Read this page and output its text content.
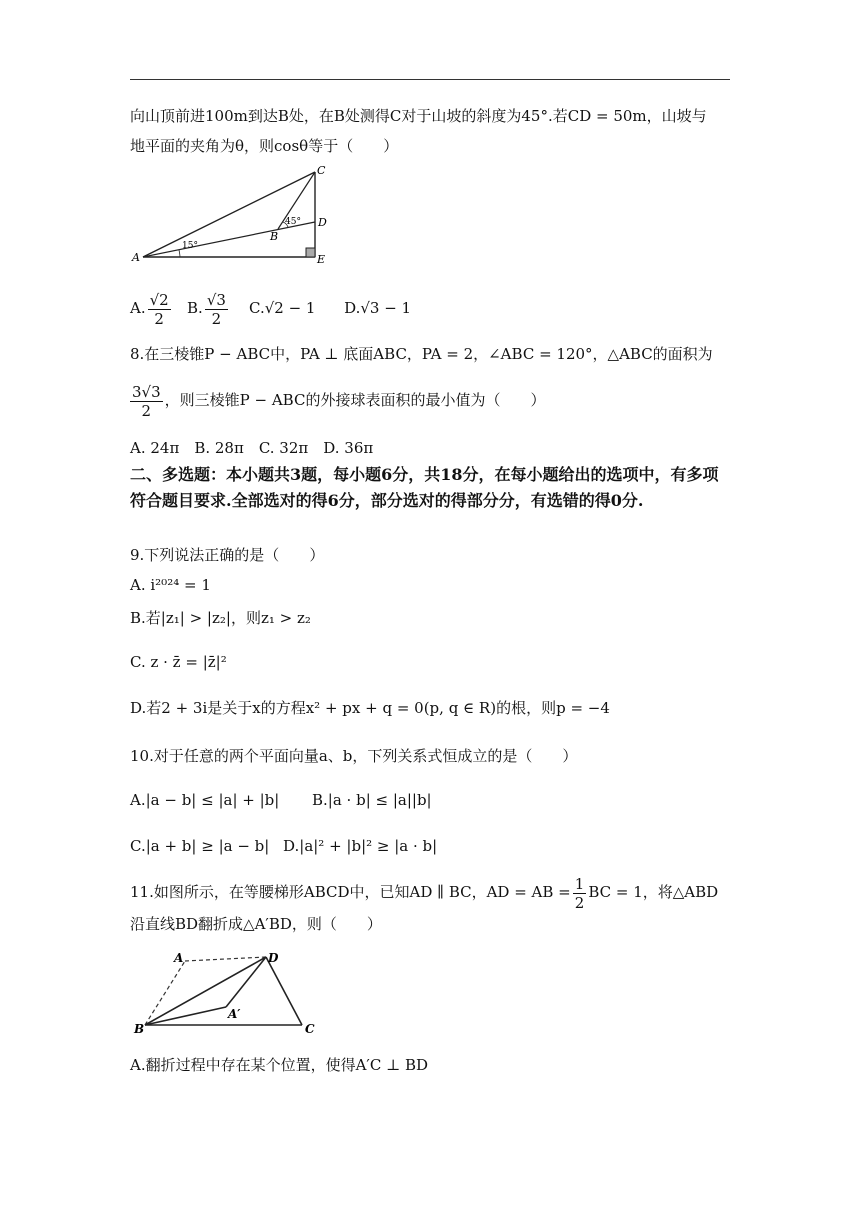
向山顶前进100m到达B处，在B处测得C对于山坡的斜度为45°.若CD = 50m，山坡与
地平面的夹角为θ，则cosθ等于（　　）
A
B
C
D
E
15°
45°
A. $\frac{√2}{2} B$. $\frac{√3}{2} C.√2 - 1$ D.√3 − 1
8.在三棱锥P − ABC中，PA ⊥ 底面ABC，PA = 2，∠ABC = 120°，△ABC的面积为
$\frac{3√3}{2}$ ，则三棱锥P − ABC的外接球表面积的最小值为（　　）
A. 24π　B. 28π　C. 32π　D. 36π
二、多选题：本小题共3题，每小题6分，共18分，在每小题给出的选项中，有多项符合题目要求.全部选对的得6分，部分选对的得部分分，有选错的得0分.
9.下列说法正确的是（　　）
A. i²⁰²⁴ = 1
B.若|z₁| > |z₂|，则z₁ > z₂
C. z · z̄ = |z̄|²
D.若2 + 3i是关于x的方程x² + px + q = 0(p, q ∈ R)的根，则p = −4
10.对于任意的两个平面向量a、b，下列关系式恒成立的是（　　）
A.|a − b| ≤ |a| + |b|	B.|a · b| ≤ |a||b|
C.|a + b| ≥ |a − b| D.|a|² + |b|² ≥ |a · b|
11.如图所示，在等腰梯形ABCD中，已知AD ∥ BC，AD = AB = $\frac{1}{2}$ BC = 1，将△ABD
沿直线BD翻折成△A′BD，则（　　）
A	D
A′
B	C
A.翻折过程中存在某个位置，使得A′C ⊥ BD
